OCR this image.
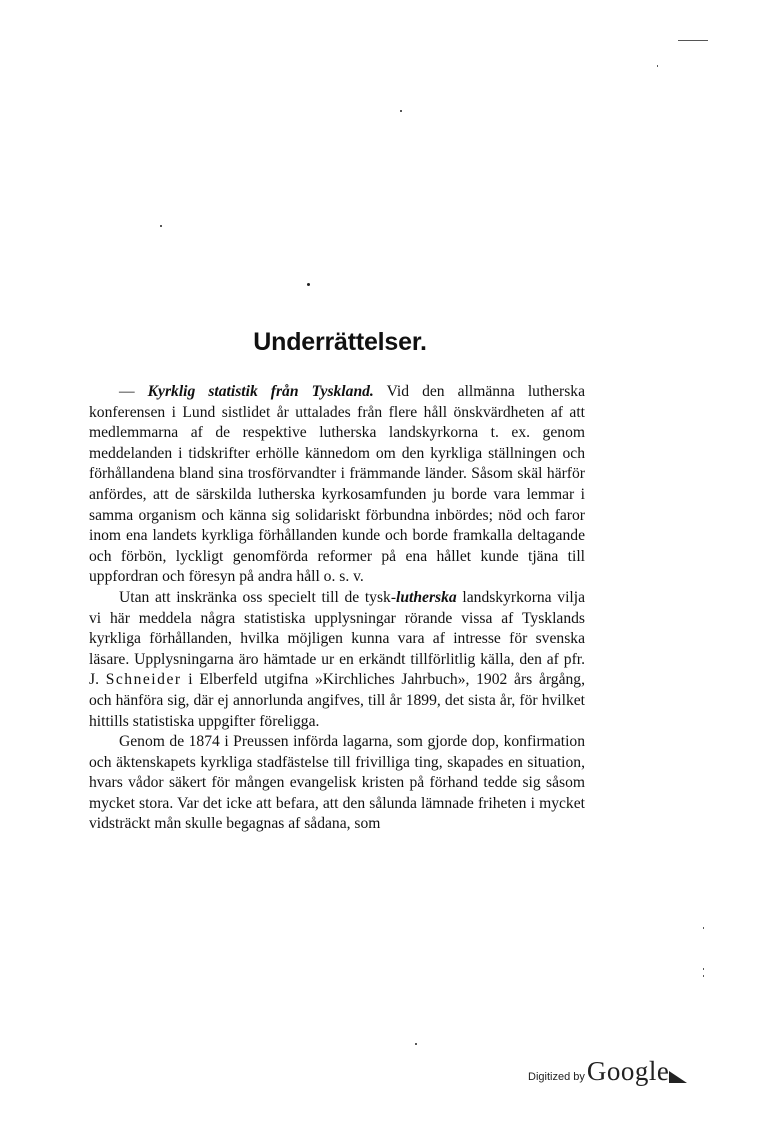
Underrättelser.

— Kyrklig statistik från Tyskland. Vid den allmänna lutherska konferensen i Lund sistlidet år uttalades från flere håll önskvärdheten af att medlemmarna af de respektive lutherska landskyrkorna t. ex. genom meddelanden i tidskrifter erhölle kännedom om den kyrkliga ställningen och förhållandena bland sina trosförvandter i främmande länder. Såsom skäl härför anfördes, att de särskilda lutherska kyrkosamfunden ju borde vara lemmar i samma organism och känna sig solidariskt förbundna inbördes; nöd och faror inom ena landets kyrkliga förhållanden kunde och borde framkalla deltagande och förbön, lyckligt genomförda reformer på ena hållet kunde tjäna till uppfordran och föresyn på andra håll o. s. v.

Utan att inskränka oss specielt till de tysk-lutherska landskyrkorna vilja vi här meddela några statistiska upplysningar rörande vissa af Tysklands kyrkliga förhållanden, hvilka möjligen kunna vara af intresse för svenska läsare. Upplysningarna äro hämtade ur en erkändt tillförlitlig källa, den af pfr. J. Schneider i Elberfeld utgifna »Kirchliches Jahrbuch», 1902 års årgång, och hänföra sig, där ej annorlunda angifves, till år 1899, det sista år, för hvilket hittills statistiska uppgifter föreligga.

Genom de 1874 i Preussen införda lagarna, som gjorde dop, konfirmation och äktenskapets kyrkliga stadfästelse till frivilliga ting, skapades en situation, hvars vådor säkert för mången evangelisk kristen på förhand tedde sig såsom mycket stora. Var det icke att befara, att den sålunda lämnade friheten i mycket vidsträckt mån skulle begagnas af sådana, som

Digitized by Google
